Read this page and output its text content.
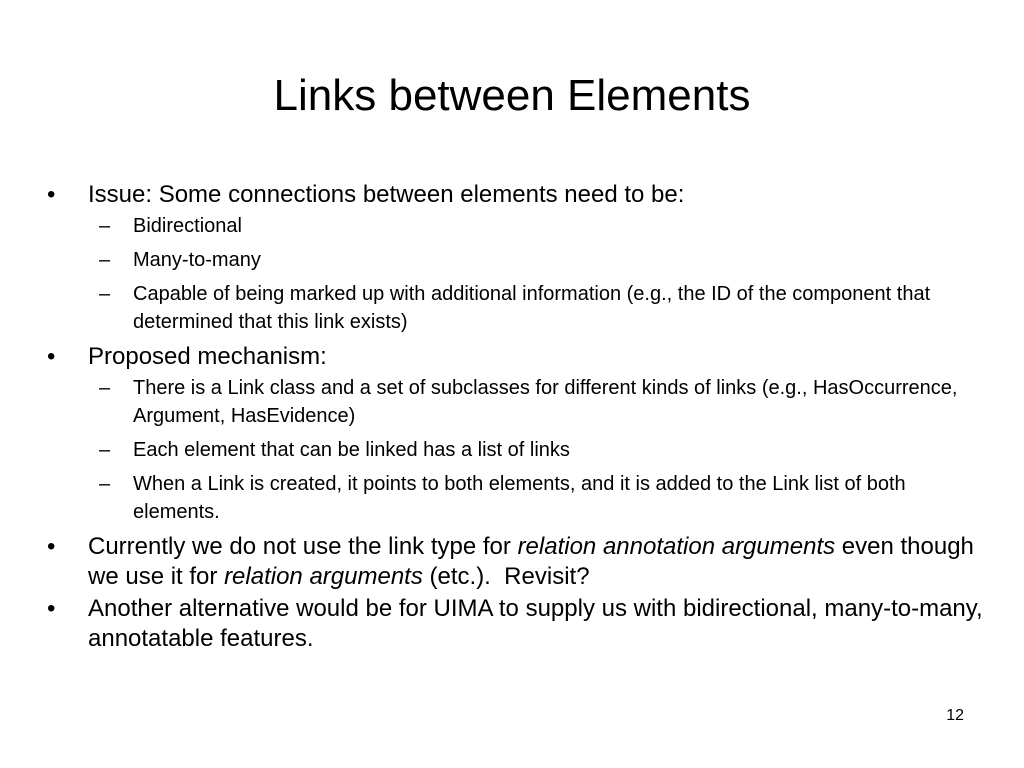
Links between Elements
• Issue: Some connections between elements need to be:
– Bidirectional
– Many-to-many
– Capable of being marked up with additional information (e.g., the ID of the component that determined that this link exists)
• Proposed mechanism:
– There is a Link class and a set of subclasses for different kinds of links (e.g., HasOccurrence, Argument, HasEvidence)
– Each element that can be linked has a list of links
– When a Link is created, it points to both elements, and it is added to the Link list of both elements.
• Currently we do not use the link type for relation annotation arguments even though we use it for relation arguments (etc.).  Revisit?
• Another alternative would be for UIMA to supply us with bidirectional, many-to-many, annotatable features.
12
